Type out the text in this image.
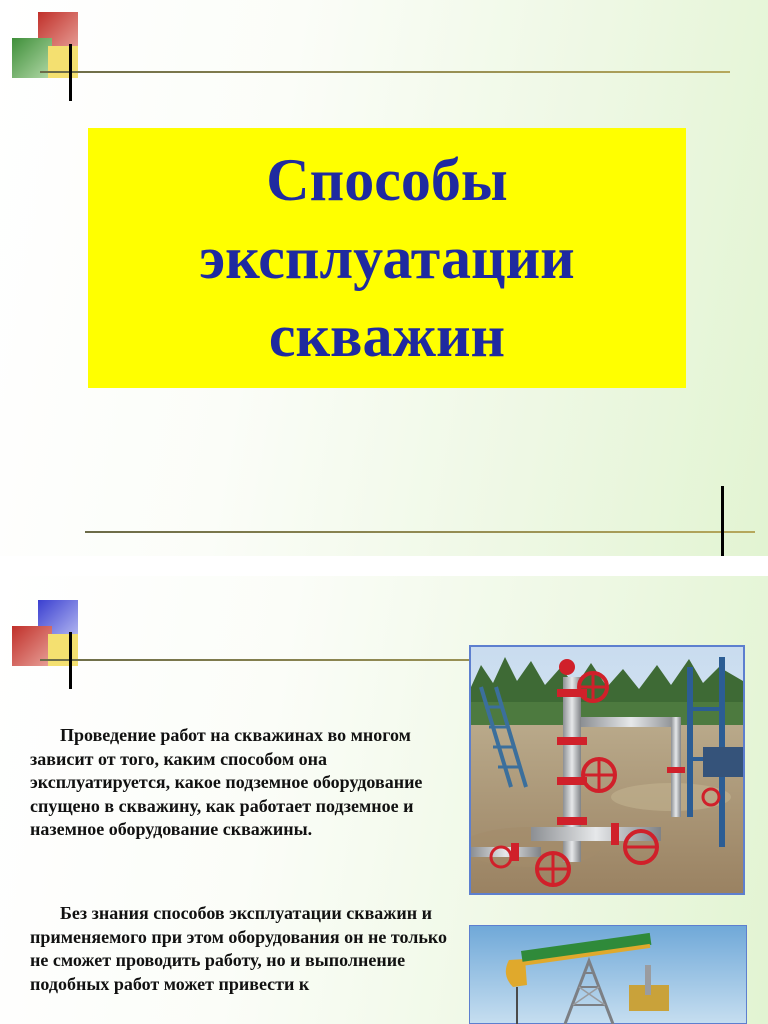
Способы
эксплуатации
скважин
Проведение работ на скважинах во многом зависит от того, каким способом она эксплуатируется, какое подземное оборудование спущено в скважину, как работает подземное и наземное оборудование скважины.
Без знания способов эксплуатации скважин и применяемого при этом оборудования он не только не сможет проводить работу, но и выполнение подобных работ может привести к
